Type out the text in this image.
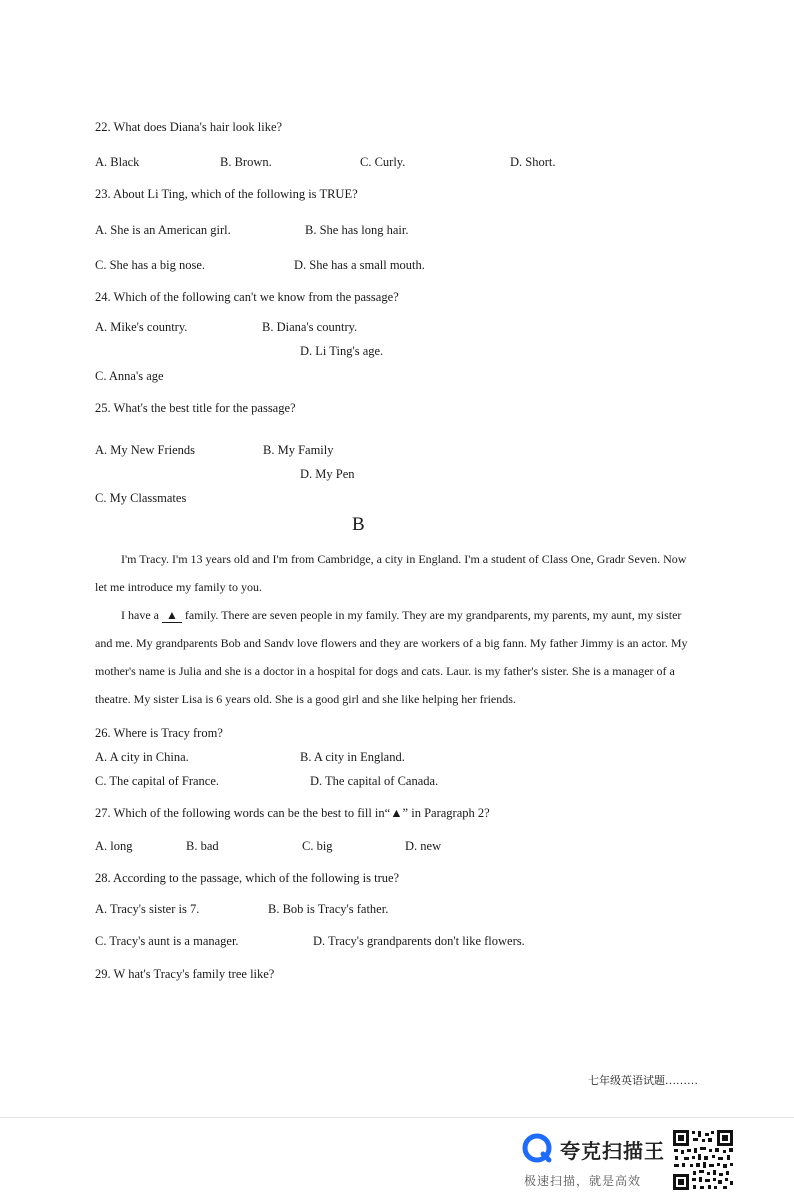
22. What does Diana's hair look like?
A. Black	B. Brown.	C. Curly.	D. Short.
23. About Li Ting, which of the following is TRUE?
A. She is an American girl.	B. She has long hair.
C. She has a big nose.	D. She has a small mouth.
24. Which of the following can't we know from the passage?
A. Mike's country.	B. Diana's country.
D. Li Ting's age.
C. Anna's age
25. What's the best title for the passage?
A. My New Friends	B. My Family
D. My Pen
C. My Classmates
B
I'm Tracy. I'm 13 years old and I'm from Cambridge, a city in England. I'm a student of Class One, Gradr Seven. Now
let me introduce my family to you.
I have a ▲ family. There are seven people in my family. They are my grandparents, my parents, my aunt, my sister
and me. My grandparents Bob and Sandv love flowers and they are workers of a big fann. My father Jimmy is an actor. My
mother's name is Julia and she is a doctor in a hospital for dogs and cats. Laur. is my father's sister. She is a manager of a
theatre. My sister Lisa is 6 years old. She is a good girl and she like helping her friends.
26. Where is Tracy from?
A. A city in China.	B. A city in England.
C. The capital of France.	D. The capital of Canada.
27. Which of the following words can be the best to fill in“▲” in Paragraph 2?
A. long	B. bad	C. big	D. new
28. According to the passage, which of the following is true?
A. Tracy's sister is 7.	B. Bob is Tracy's father.
C. Tracy's aunt is a manager.	D. Tracy's grandparents don't like flowers.
29. W hat's Tracy's family tree like?
七年级英语试题………
夸克扫描王
极速扫描，就是高效
